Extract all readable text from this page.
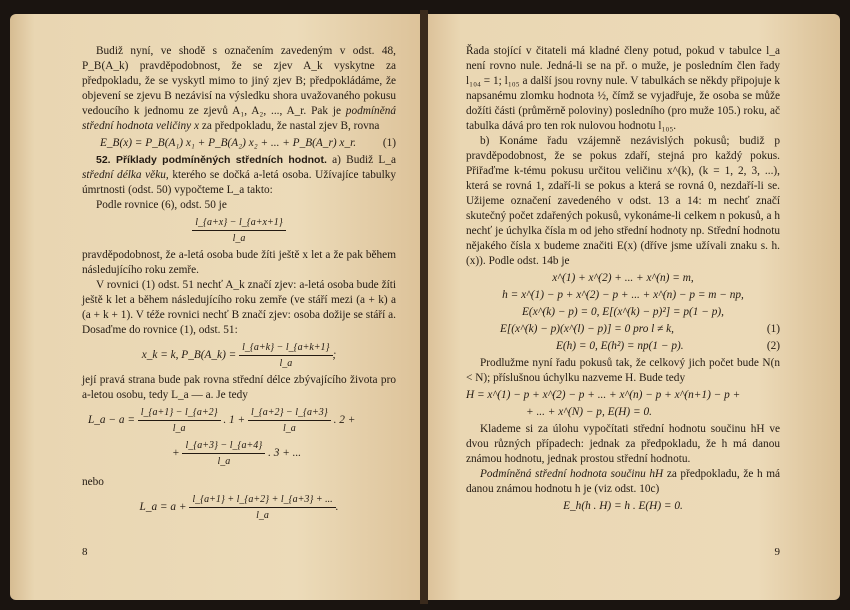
Budiž nyní, ve shodě s označením zavedeným v odst. 48, P_B(A_k) pravděpodobnost, že se zjev A_k vyskytne za předpokladu, že se vyskytl mimo to jiný zjev B; předpokládáme, že objevení se zjevu B nezávisí na výsledku shora uvažovaného pokusu vedoucího k jednomu ze zjevů A₁, A₂, ..., A_r. Pak je podmíněná střední hodnota veličiny x za předpokladu, že nastal zjev B, rovna

E_B(x) = P_B(A₁) x₁ + P_B(A₂) x₂ + ... + P_B(A_r) x_r. (1)

52. Příklady podmíněných středních hodnot. a) Budiž L_a střední délka věku, kterého se dočká a-letá osoba. Užívajíce tabulky úmrtnosti (odst. 50) vypočteme L_a takto:

Podle rovnice (6), odst. 50 je

$\frac{l\_\{a+x\} - l\_\{a+x+1\}}{l\_a}$

pravděpodobnost, že a-letá osoba bude žíti ještě x let a že pak během následujícího roku zemře.

V rovnici (1) odst. 51 nechť A_k značí zjev: a-letá osoba bude žíti ještě k let a během následujícího roku zemře (ve stáří mezi (a + k) a (a + k + 1). V téže rovnici nechť B značí zjev: osoba dožije se stáří a. Dosaďme do rovnice (1), odst. 51:

x_k = k, P_B(A_k) = $\frac{l\_\{a+k\} - l\_\{a+k+1\}}{l\_a}$ ;

její pravá strana bude pak rovna střední délce zbývajícího života pro a-letou osobu, tedy L_a — a. Je tedy

L_a − $a = \frac{l\_\{a+1\} - l\_\{a+2\}}{l\_a}$ . $1 + \frac{l\_\{a+2\} - l\_\{a+3\}}{l\_a}$ . 2 +
+ $\frac{l\_\{a+3\} - l\_\{a+4\}}{l\_a}$ . 3 + ...

nebo

L_a = $a + \frac{l\_\{a+1\} + l\_\{a+2\} + l\_\{a+3\} + ...}{l\_a}$ .
8

Řada stojící v čitateli má kladné členy potud, pokud v tabulce l_a není rovno nule. Jedná-li se na př. o muže, je posledním člen řady l₁₀₄ = 1; l₁₀₅ a další jsou rovny nule. V tabulkách se někdy připojuje k napsanému zlomku hodnota ½, čímž se vyjadřuje, že osoba se může dožíti části (průměrně poloviny) posledního (pro muže 105.) roku, ač tabulka dává pro ten rok nulovou hodnotu l₁₀₅.

b) Konáme řadu vzájemně nezávislých pokusů; budiž p pravděpodobnost, že se pokus zdaří, stejná pro každý pokus. Přiřaďme k-tému pokusu určitou veličinu x^(k), (k = 1, 2, 3, ...), která se rovná 1, zdaří-li se pokus a která se rovná 0, nezdaří-li se. Užijeme označení zavedeného v odst. 13 a 14: m nechť značí skutečný počet zdařených pokusů, vykonáme-li celkem n pokusů, a h nechť je úchylka čísla m od jeho střední hodnoty np. Střední hodnotu nějakého čísla x budeme značiti E(x) (dříve jsme užívali znaku s. h. (x)). Podle odst. 14b je

x^(1) + x^(2) + ... + x^(n) = m,
h = x^(1) − p + x^(2) − p + ... + x^(n) − p = m − np,
E(x^(k) − p) = 0, E[(x^(k) − p)²] = p(1 − p),
E[(x^(k) − p)(x^(l) − p)] = 0 pro l ≠ k,	(1)
E(h) = 0, E(h²) = np(1 − p).	(2)

Prodlužme nyní řadu pokusů tak, že celkový jich počet bude N(n < N); příslušnou úchylku nazveme H. Bude tedy

H = x^(1) − p + x^(2) − p + ... + x^(n) − p + x^(n+1) − p +
+ ... + x^(N) − p, E(H) = 0.

Klademe si za úlohu vypočítati střední hodnotu součinu hH ve dvou různých případech: jednak za předpokladu, že h má danou známou hodnotu, jednak prostou střední hodnotu.

Podmíněná střední hodnota součinu hH za předpokladu, že h má danou známou hodnotu h je (viz odst. 10c)

E_h(h . H) = h . E(H) = 0.
9
